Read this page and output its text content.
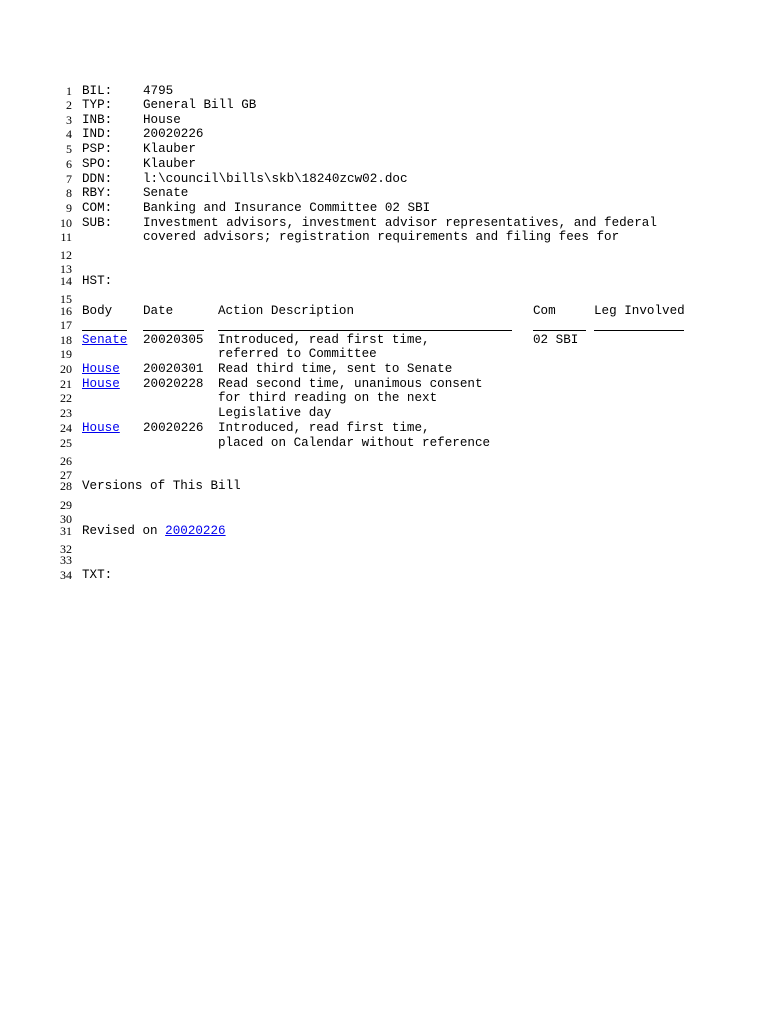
1 BIL: 4795
2 TYP: General Bill GB
3 INB: House
4 IND: 20020226
5 PSP: Klauber
6 SPO: Klauber
7 DDN: l:\council\bills\skb\18240zcw02.doc
8 RBY: Senate
9 COM: Banking and Insurance Committee 02 SBI
10 SUB: Investment advisors, investment advisor representatives, and federal
11	covered advisors; registration requirements and filing fees for
12
13
14 HST:
15
16 Body Date	Action Description	Com	Leg Involved
17
18 Senate 20020305 Introduced, read first time,	02 SBI
19	referred to Committee
20 House 20020301 Read third time, sent to Senate
21 House 20020228 Read second time, unanimous consent
22	for third reading on the next
23	Legislative day
24 House 20020226 Introduced, read first time,
25	placed on Calendar without reference
26
27
28 Versions of This Bill
29
30
31 Revised on 20020226
32
33
34 TXT:
